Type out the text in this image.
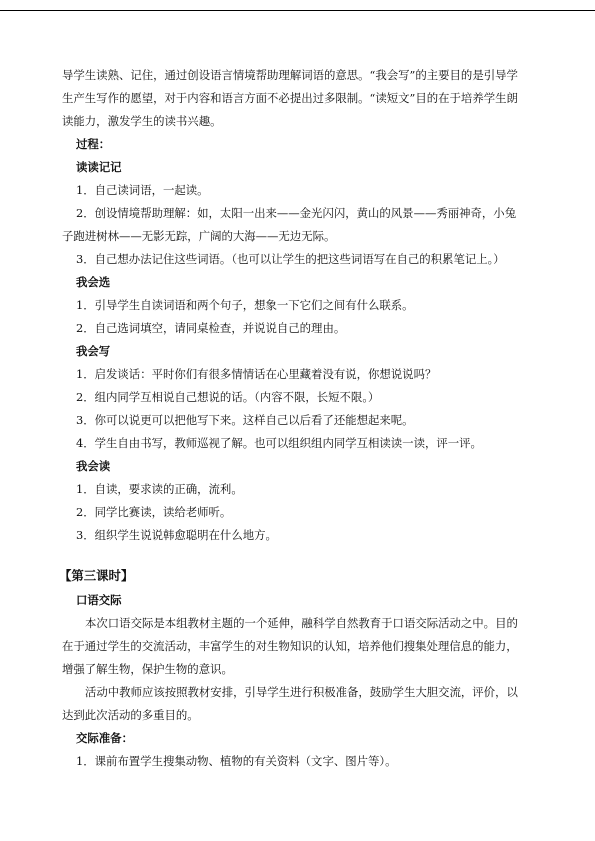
导学生读熟、记住，通过创设语言情境帮助理解词语的意思。“我会写”的主要目的是引导学

生产生写作的愿望，对于内容和语言方面不必提出过多限制。“读短文”目的在于培养学生朗

读能力，激发学生的读书兴趣。

过程：

读读记记

1．自己读词语，一起读。

2．创设情境帮助理解：如，太阳一出来——金光闪闪，黄山的风景——秀丽神奇，小兔

子跑进树林——无影无踪，广阔的大海——无边无际。

3．自己想办法记住这些词语。（也可以让学生的把这些词语写在自己的积累笔记上。）

我会选

1．引导学生自读词语和两个句子，想象一下它们之间有什么联系。

2．自己选词填空，请同桌检查，并说说自己的理由。

我会写

1．启发谈话：平时你们有很多情情话在心里藏着没有说，你想说说吗？

2．组内同学互相说自己想说的话。（内容不限，长短不限。）

3．你可以说更可以把他写下来。这样自己以后看了还能想起来呢。

4．学生自由书写，教师巡视了解。也可以组织组内同学互相读读一读，评一评。

我会读

1．自读，要求读的正确，流利。

2．同学比赛读，读给老师听。

3．组织学生说说韩愈聪明在什么地方。

【第三课时】

口语交际

本次口语交际是本组教材主题的一个延伸，融科学自然教育于口语交际活动之中。目的

在于通过学生的交流活动，丰富学生的对生物知识的认知，培养他们搜集处理信息的能力，

增强了解生物，保护生物的意识。

活动中教师应该按照教材安排，引导学生进行积极准备，鼓励学生大胆交流，评价，以

达到此次活动的多重目的。

交际准备：

1．课前布置学生搜集动物、植物的有关资料（文字、图片等）。
